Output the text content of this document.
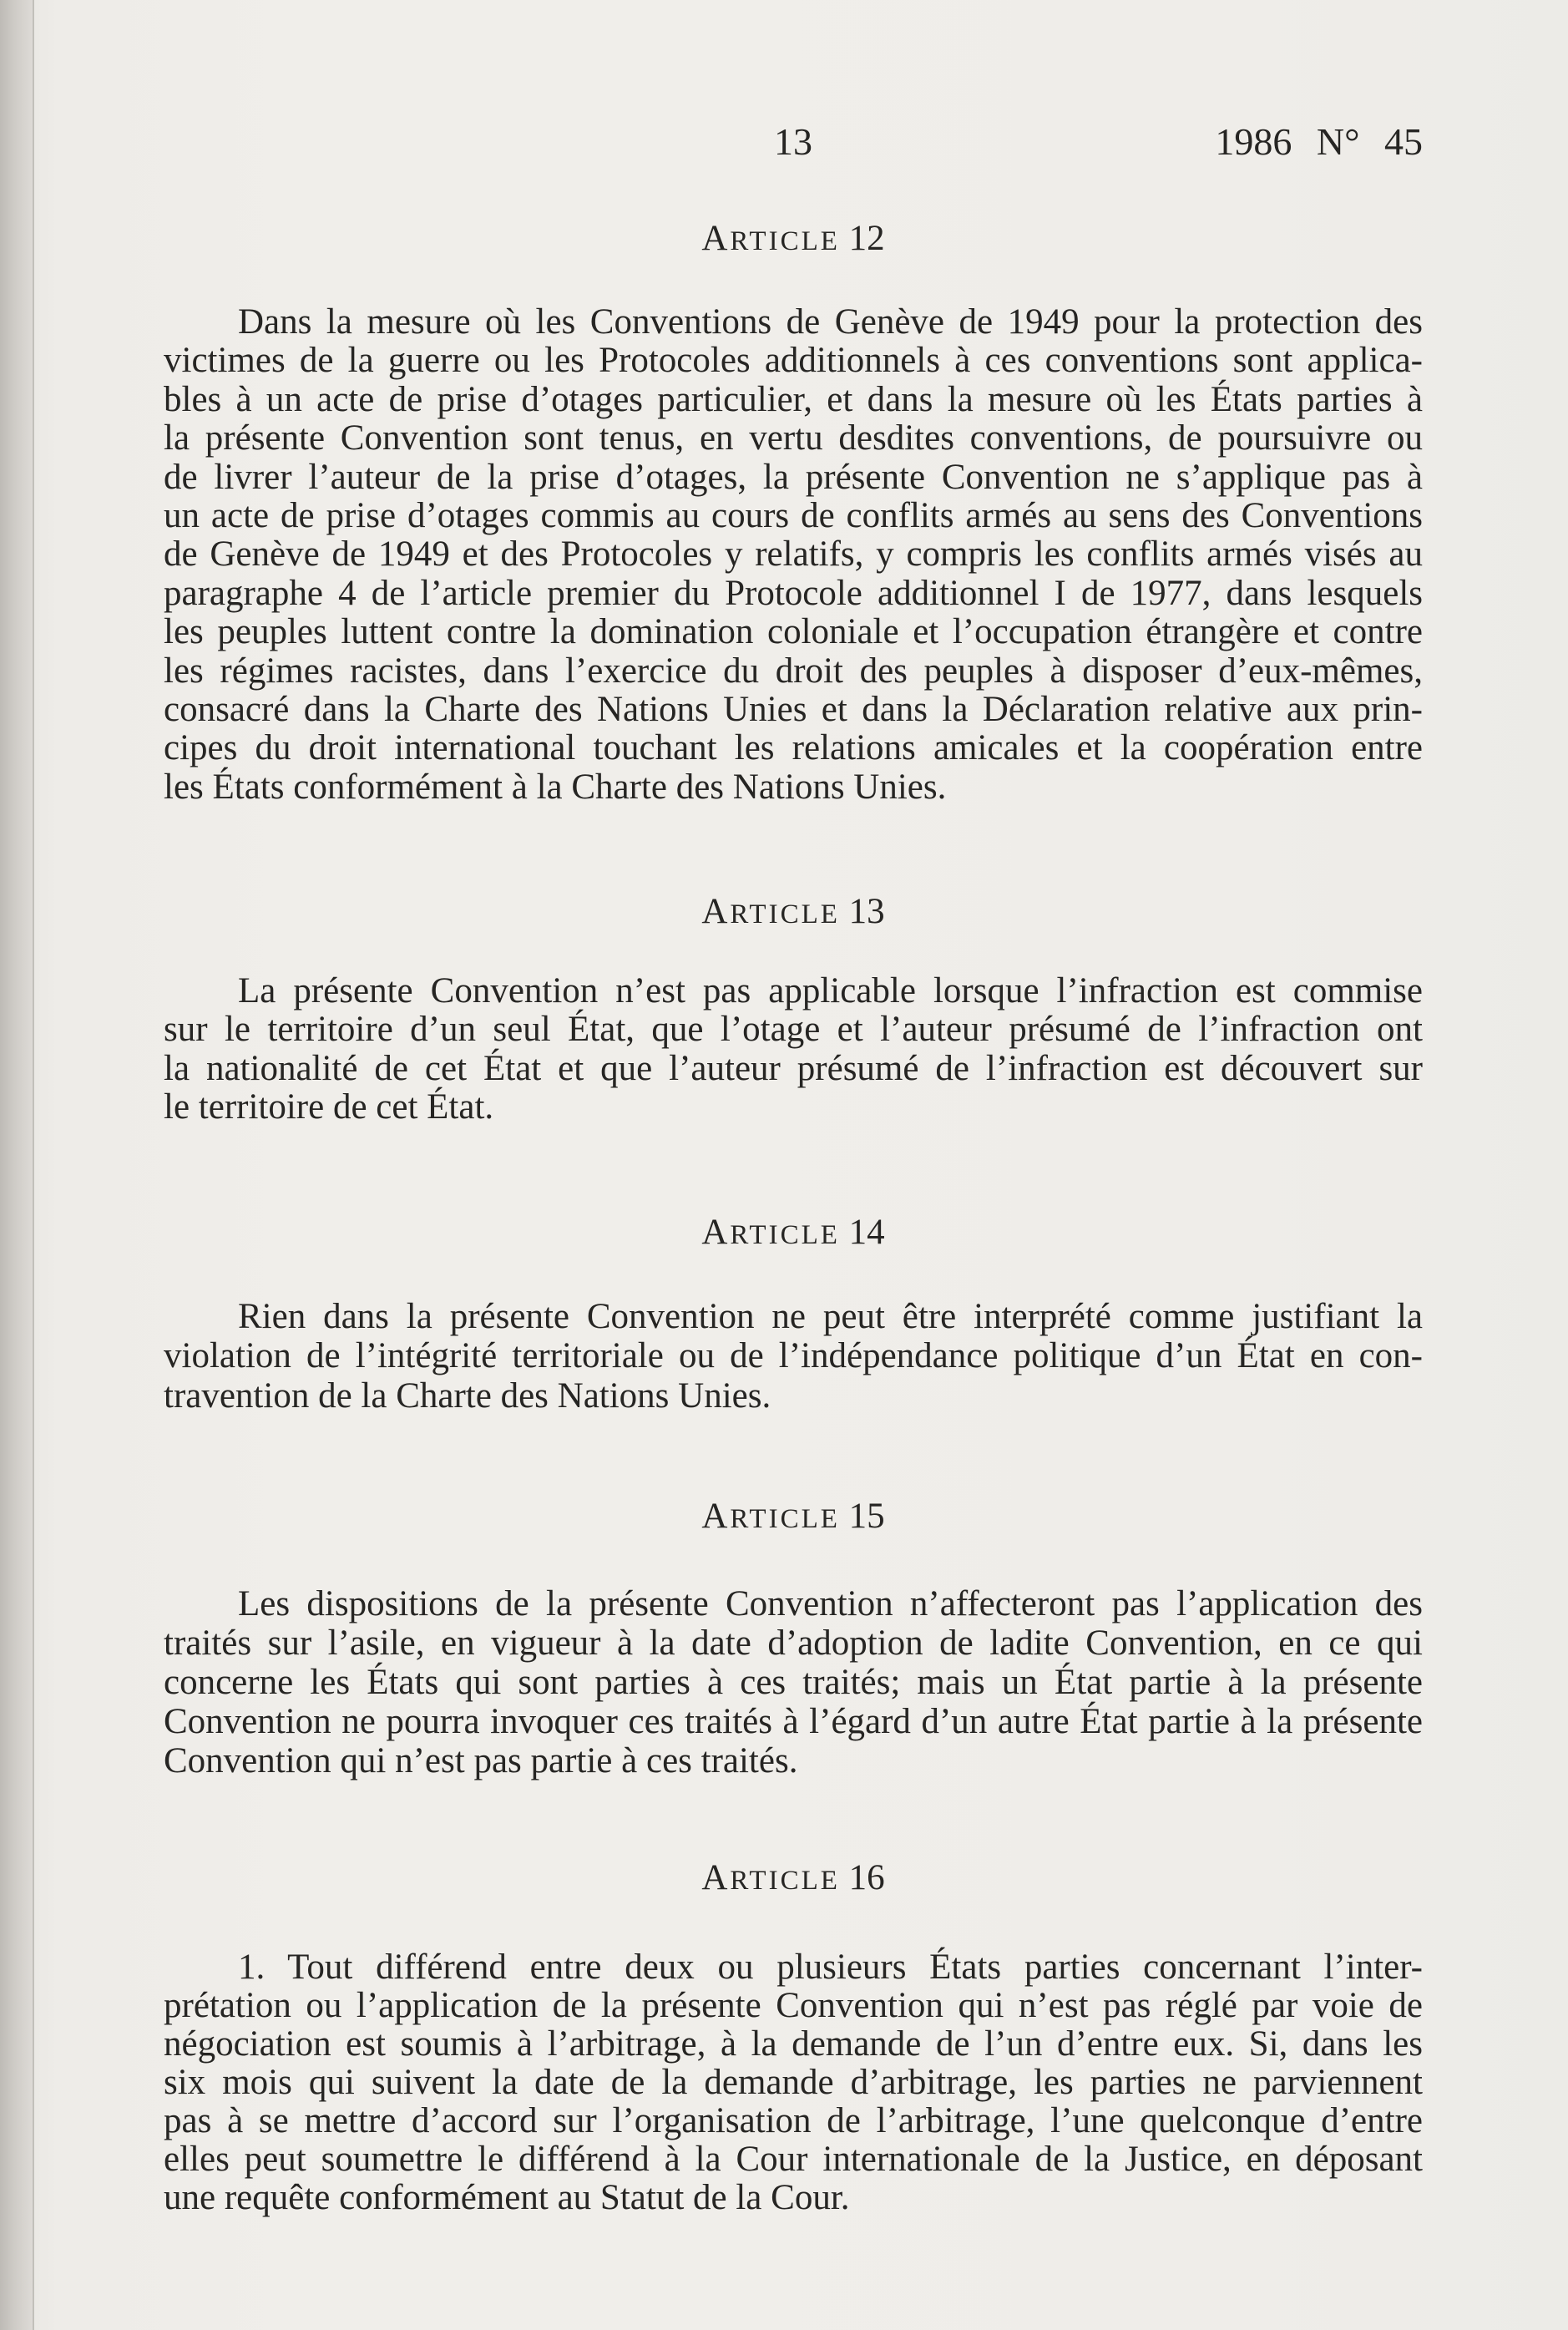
13	1986 N° 45
ARTICLE 12
Dans la mesure où les Conventions de Genève de 1949 pour la protection des
victimes de la guerre ou les Protocoles additionnels à ces conventions sont applica-
bles à un acte de prise d’otages particulier, et dans la mesure où les États parties à
la présente Convention sont tenus, en vertu desdites conventions, de poursuivre ou
de livrer l’auteur de la prise d’otages, la présente Convention ne s’applique pas à
un acte de prise d’otages commis au cours de conflits armés au sens des Conventions
de Genève de 1949 et des Protocoles y relatifs, y compris les conflits armés visés au
paragraphe 4 de l’article premier du Protocole additionnel I de 1977, dans lesquels
les peuples luttent contre la domination coloniale et l’occupation étrangère et contre
les régimes racistes, dans l’exercice du droit des peuples à disposer d’eux-mêmes,
consacré dans la Charte des Nations Unies et dans la Déclaration relative aux prin-
cipes du droit international touchant les relations amicales et la coopération entre
les États conformément à la Charte des Nations Unies.
ARTICLE 13
La présente Convention n’est pas applicable lorsque l’infraction est commise
sur le territoire d’un seul État, que l’otage et l’auteur présumé de l’infraction ont
la nationalité de cet État et que l’auteur présumé de l’infraction est découvert sur
le territoire de cet État.
ARTICLE 14
Rien dans la présente Convention ne peut être interprété comme justifiant la
violation de l’intégrité territoriale ou de l’indépendance politique d’un État en con-
travention de la Charte des Nations Unies.
ARTICLE 15
Les dispositions de la présente Convention n’affecteront pas l’application des
traités sur l’asile, en vigueur à la date d’adoption de ladite Convention, en ce qui
concerne les États qui sont parties à ces traités; mais un État partie à la présente
Convention ne pourra invoquer ces traités à l’égard d’un autre État partie à la présente
Convention qui n’est pas partie à ces traités.
ARTICLE 16
1. Tout différend entre deux ou plusieurs États parties concernant l’inter-
prétation ou l’application de la présente Convention qui n’est pas réglé par voie de
négociation est soumis à l’arbitrage, à la demande de l’un d’entre eux. Si, dans les
six mois qui suivent la date de la demande d’arbitrage, les parties ne parviennent
pas à se mettre d’accord sur l’organisation de l’arbitrage, l’une quelconque d’entre
elles peut soumettre le différend à la Cour internationale de la Justice, en déposant
une requête conformément au Statut de la Cour.
